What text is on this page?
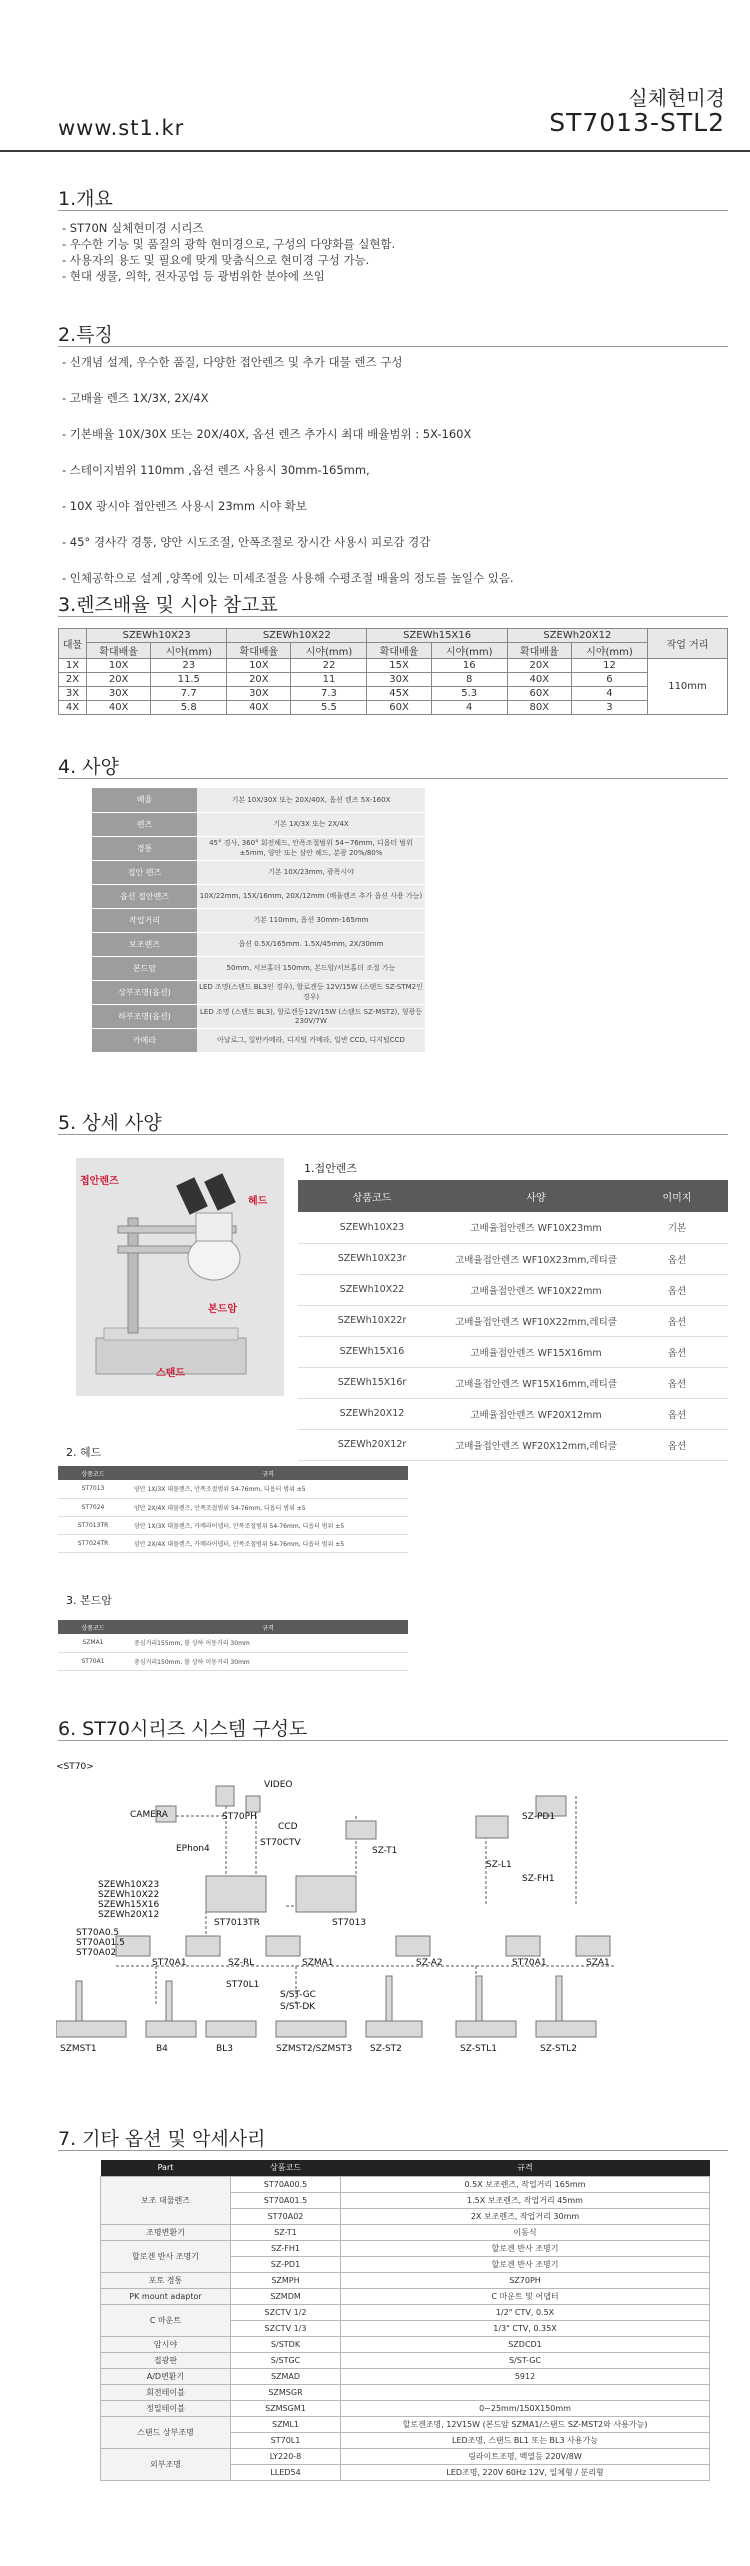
실체현미경
ST7013-STL2
www.st1.kr
1.개요
- ST70N 실체현미경 시리즈
- 우수한 기능 및 품질의 광학 현미경으로, 구성의 다양화를 실현함.
- 사용자의 용도 및 필요에 맞게 맞춤식으로 현미경 구성 가능.
- 현대 생물, 의학, 전자공업 등 광범위한 분야에 쓰임
2.특징
- 신개념 설계, 우수한 품질, 다양한 접안렌즈 및 추가 대물 렌즈 구성
- 고배율 렌즈 1X/3X, 2X/4X
- 기본배율 10X/30X 또는 20X/40X, 옵션 렌즈 추가시 최대 배율범위 : 5X-160X
- 스테이지범위 110mm ,옵션 렌즈 사용시 30mm-165mm,
- 10X 광시야 접안렌즈 사용시 23mm 시야 확보
- 45° 경사각 경통, 양안 시도조절, 안폭조절로 장시간 사용시 피로감 경감
- 인체공학으로 설계 ,양쪽에 있는 미세조절을 사용해 수평조절 배율의 정도를 높일수 있음.
3.렌즈배율 및 시야 참고표
대물	SZEWh10X23		SZEWh10X22		SZEWh15X16		SZEWh20X12		작업 거리
	확대배율	시야(mm)	확대배율	시야(mm)	확대배율	시야(mm)	확대배율	시야(mm)	
1X	10X	23	10X	22	15X	16	20X	12	110mm
2X	20X	11.5	20X	11	30X	8	40X	6	
3X	30X	7.7	30X	7.3	45X	5.3	60X	4	
4X	40X	5.8	40X	5.5	60X	4	80X	3	
4. 사양
배율	기본 10X/30X 또는 20X/40X, 옵션 렌즈 5X-160X
렌즈	기본 1X/3X 또는 2X/4X
경통	45° 경사, 360° 회전헤드, 안폭조절범위 54~76mm, 디옵터 범위 ±5mm, 양안 또는 삼안 헤드, 분광 20%/80%
접안 렌즈	기본 10X/23mm, 광폭시야
옵션 접안렌즈	10X/22mm, 15X/16mm, 20X/12mm (배율렌즈 추가 옵션 사용 가능)
작업거리	기본 110mm, 옵션 30mm-165mm
보조렌즈	옵션 0.5X/165mm. 1.5X/45mm, 2X/30mm
본드암	50mm, 서브홀더 150mm, 본드암/서브홀더 조절 가능
상부조명(옵션)	LED 조명(스탠드 BL3인 경우), 할로겐등 12V/15W (스탠드 SZ-STM2인 경우)
하부조명(옵션)	LED 조명 (스탠드 BL3), 할로겐등12V/15W (스탠드 SZ-MST2), 형광등 230V/7W
카메라	아날로그, 일반카메라, 디지털 카메라, 일반 CCD, 디지털CCD
5. 상세 사양
접안렌즈
헤드
본드암
스탠드
1.접안렌즈
상품코드	사양	이미지
SZEWh10X23	고배율접안렌즈 WF10X23mm	기본
SZEWh10X23r	고배율접안렌즈 WF10X23mm,레티클	옵션
SZEWh10X22	고배율접안렌즈 WF10X22mm	옵션
SZEWh10X22r	고배율접안렌즈 WF10X22mm,레티클	옵션
SZEWh15X16	고배율접안렌즈 WF15X16mm	옵션
SZEWh15X16r	고배율접안렌즈 WF15X16mm,레티클	옵션
SZEWh20X12	고배율접안렌즈 WF20X12mm	옵션
SZEWh20X12r	고배율접안렌즈 WF20X12mm,레티클	옵션
2. 헤드
상품코드	규격
ST7013	양안 1X/3X 대물렌즈, 안폭조절범위 54-76mm, 디옵터 범위 ±5
ST7024	양안 2X/4X 대물렌즈, 안폭조절범위 54-76mm, 디옵터 범위 ±5
ST7013TR	삼안 1X/3X 대물렌즈, 카메라어댑터, 안폭조절범위 54-76mm, 디옵터 범위 ±5
ST7024TR	삼안 2X/4X 대물렌즈, 카메라어댑터, 안폭조절범위 54-76mm, 디옵터 범위 ±5
3. 본드암
상품코드	규격
SZMA1	중심거리155mm, 볼 상하 이동거리 30mm
ST70A1	중심거리150mm, 볼 상하 이동거리 30mm
6. ST70시리즈 시스템 구성도
<ST70>
CAMERA
VIDEO
ST70PH
CCD
EPhon4
ST70CTV
SZ-T1
SZ-PD1
SZ-L1
SZ-FH1
SZEWh10X23
SZEWh10X22
SZEWh15X16
SZEWh20X12
ST7013TR	ST7013
ST70A0.5
ST70A01.5
ST70A02
ST70A1	SZ-RL	SZMA1	SZ-A2	ST70A1	SZA1
ST70L1
S/ST-GC
S/ST-DK
SZMST1	B4	BL3	SZMST2/SZMST3 SZ-ST2	SZ-STL1	SZ-STL2
7. 기타 옵션 및 악세사리
Part	상품코드	규격
보조 대물렌즈	ST70A00.5	0.5X 보조렌즈, 작업거리 165mm
	ST70A01.5	1.5X 보조렌즈, 작업거리 45mm
	ST70A02	2X 보조렌즈, 작업거리 30mm
조명변환기	SZ-T1	이동식
할로겐 반사 조명기	SZ-FH1	할로겐 반사 조명기
	SZ-PD1	할로겐 반사 조명기
포토 경통	SZMPH	SZ70PH
PK mount adaptor	SZMDM	C 마운트 및 어댑터
C 마운트	SZCTV 1/2	1/2" CTV, 0.5X
	SZCTV 1/3	1/3" CTV, 0.35X
암시야	S/STDK	SZDCD1
접광판	S/STGC	S/ST-GC
A/D변환기	SZMAD	5912
회전테이블	SZMSGR	
정밀테이블	SZMSGM1	0~25mm/150X150mm
스탠드 상부조명	SZML1	할로겐조명, 12V15W (본드암 SZMA1/스탠드 SZ-MST2와 사용가능)
	ST70L1	LED조명, 스탠드 BL1 또는 BL3 사용가능
외부조명	LY220-8	링라이트조명, 백열등 220V/8W
	LLED54	LED조명, 220V 60Hz 12V, 일체형 / 분리형
